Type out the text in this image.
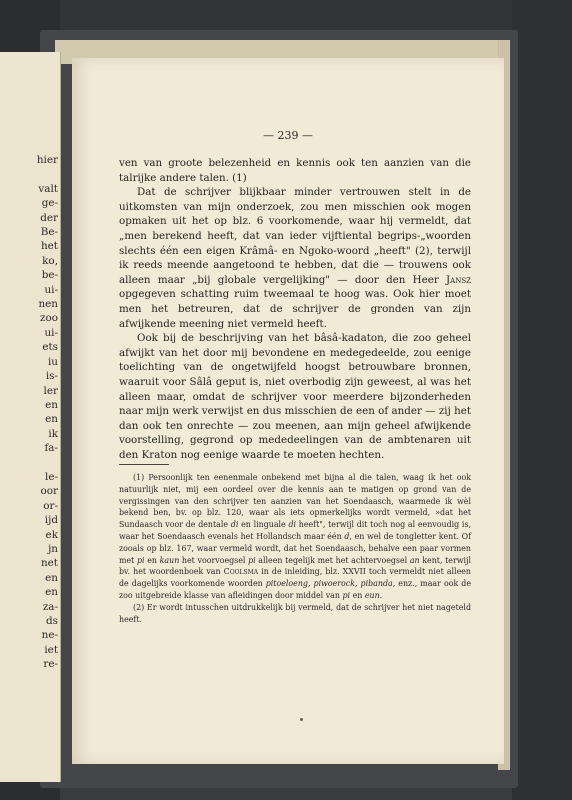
hier

valt
ge-
der
Be-
het
ko,
be-
ui-
nen
zoo
ui-
ets
iu
is-
ler
en
en
ik
fa-

le-
oor
or-
ijd
ek
jn
net
en
en
za-
ds
ne-
iet
re-
— 239 —

ven van groote belezenheid en kennis ook ten aanzien van die talrijke andere talen. (1)

Dat de schrijver blijkbaar minder vertrouwen stelt in de uitkomsten van mijn onderzoek, zou men misschien ook mogen opmaken uit het op blz. 6 voorkomende, waar hij vermeldt, dat „men berekend heeft, dat van ieder vijftiental begrips-„woorden slechts één een eigen Krâmâ- en Ngoko-woord „heeft" (2), terwijl ik reeds meende aangetoond te hebben, dat die — trouwens ook alleen maar „bij globale vergelijking" — door den Heer Jansz opgegeven schatting ruim tweemaal te hoog was. Ook hier moet men het betreuren, dat de schrijver de gronden van zijn afwijkende meening niet vermeld heeft.

Ook bij de beschrijving van het bâsâ-kadaton, die zoo geheel afwijkt van het door mij bevondene en medegedeelde, zou eenige toelichting van de ongetwijfeld hoogst betrouwbare bronnen, waaruit voor Sâlâ geput is, niet overbodig zijn geweest, al was het alleen maar, omdat de schrijver voor meerdere bijzonderheden naar mijn werk verwijst en dus misschien de een of ander — zij het dan ook ten onrechte — zou meenen, aan mijn geheel afwijkende voorstelling, gegrond op mededeelingen van de ambtenaren uit den Kraton nog eenige waarde te moeten hechten.

(1) Persoonlijk ten eenenmale onbekend met bijna al die talen, waag ik het ook natuurlijk niet, mij een oordeel over die kennis aan te matigen op grond van de vergissingen van den schrijver ten aanzien van het Soendaasch, waarmede ik wèl bekend ben, bv. op blz. 120, waar als iets opmerkelijks wordt vermeld, »dat het Sundaasch voor de dentale di en linguale di heeft", terwijl dit toch nog al eenvoudig is, waar het Soendaasch evenals het Hollandsch maar één d, en wel de tongletter kent. Of zooals op blz. 167, waar vermeld wordt, dat het Soendaasch, behalve een paar vormen met pi en kaun het voorvoegsel pi alleen tegelijk met het achtervoegsel an kent, terwijl bv. het woordenboek van Coolsma in de inleiding, blz. XXVII toch vermeldt niet alleen de dagelijks voorkomende woorden pitoeloeng, piwoerock, pibanda, enz., maar ook de zoo uitgebreide klasse van afleidingen door middel van pi en eun.

(2) Er wordt intusschen uitdrukkelijk bij vermeld, dat de schrijver het niet nageteld heeft.
